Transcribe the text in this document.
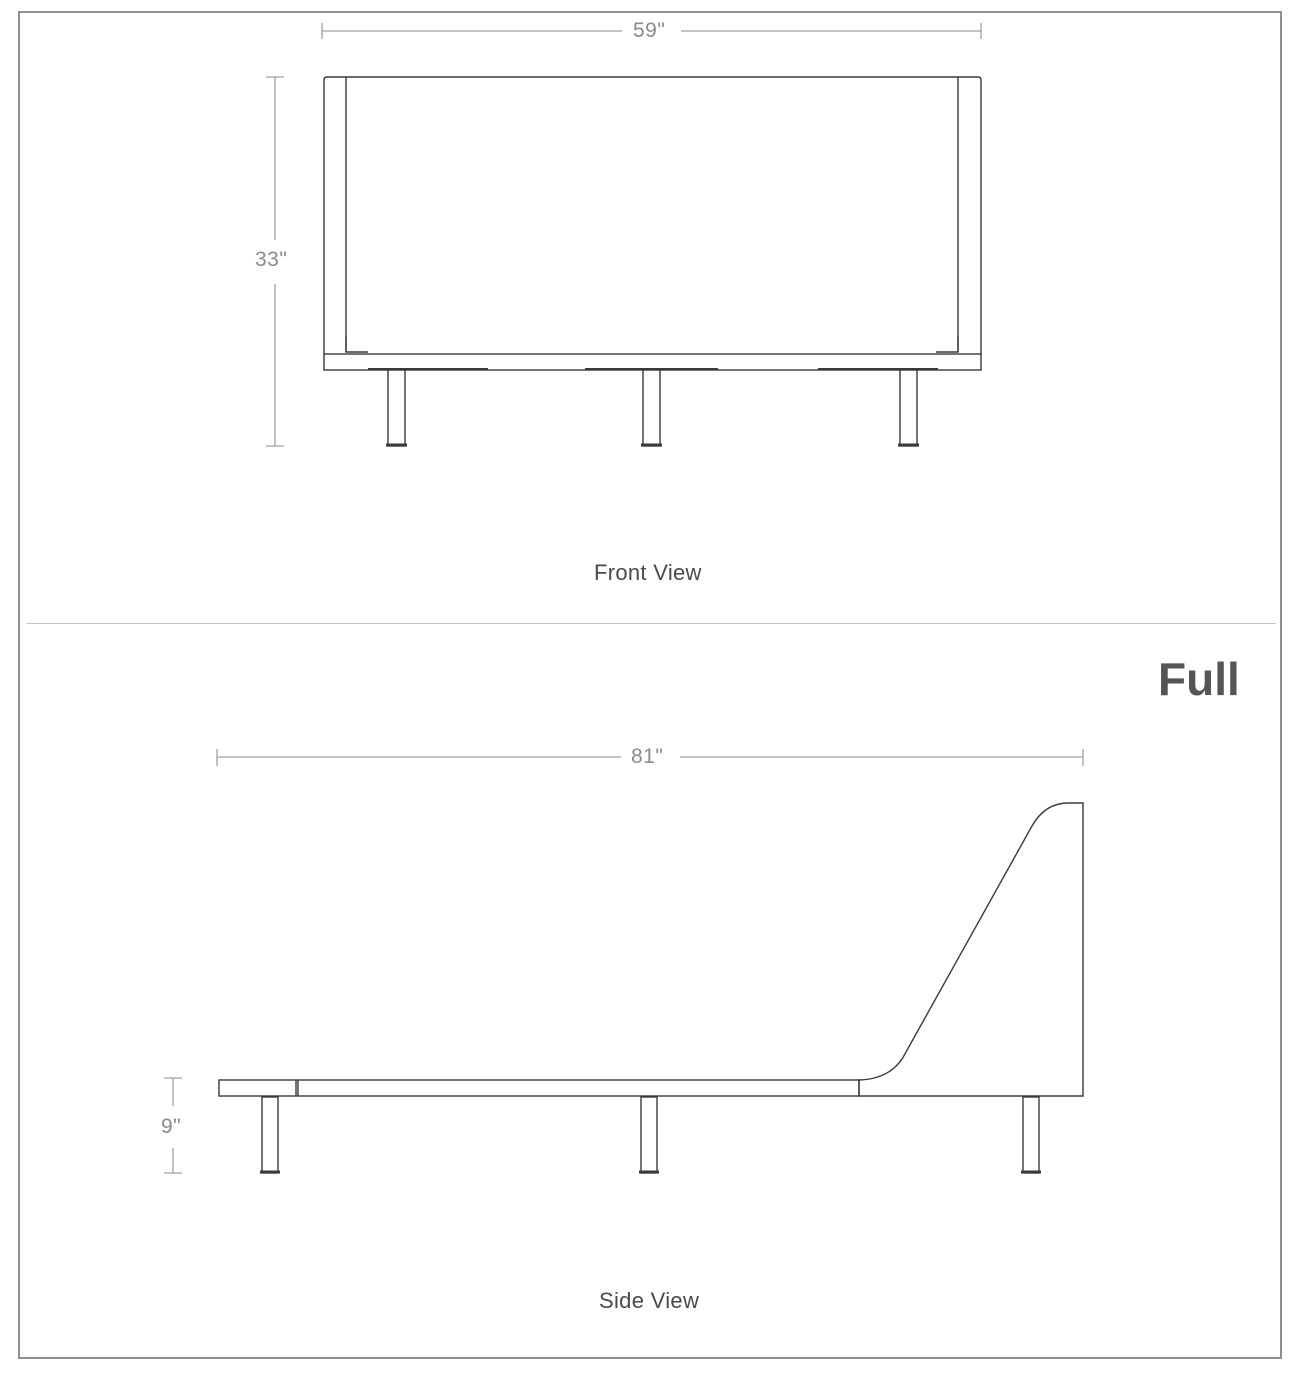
59"
33"
Front View
Full
81"
9"
Side View
